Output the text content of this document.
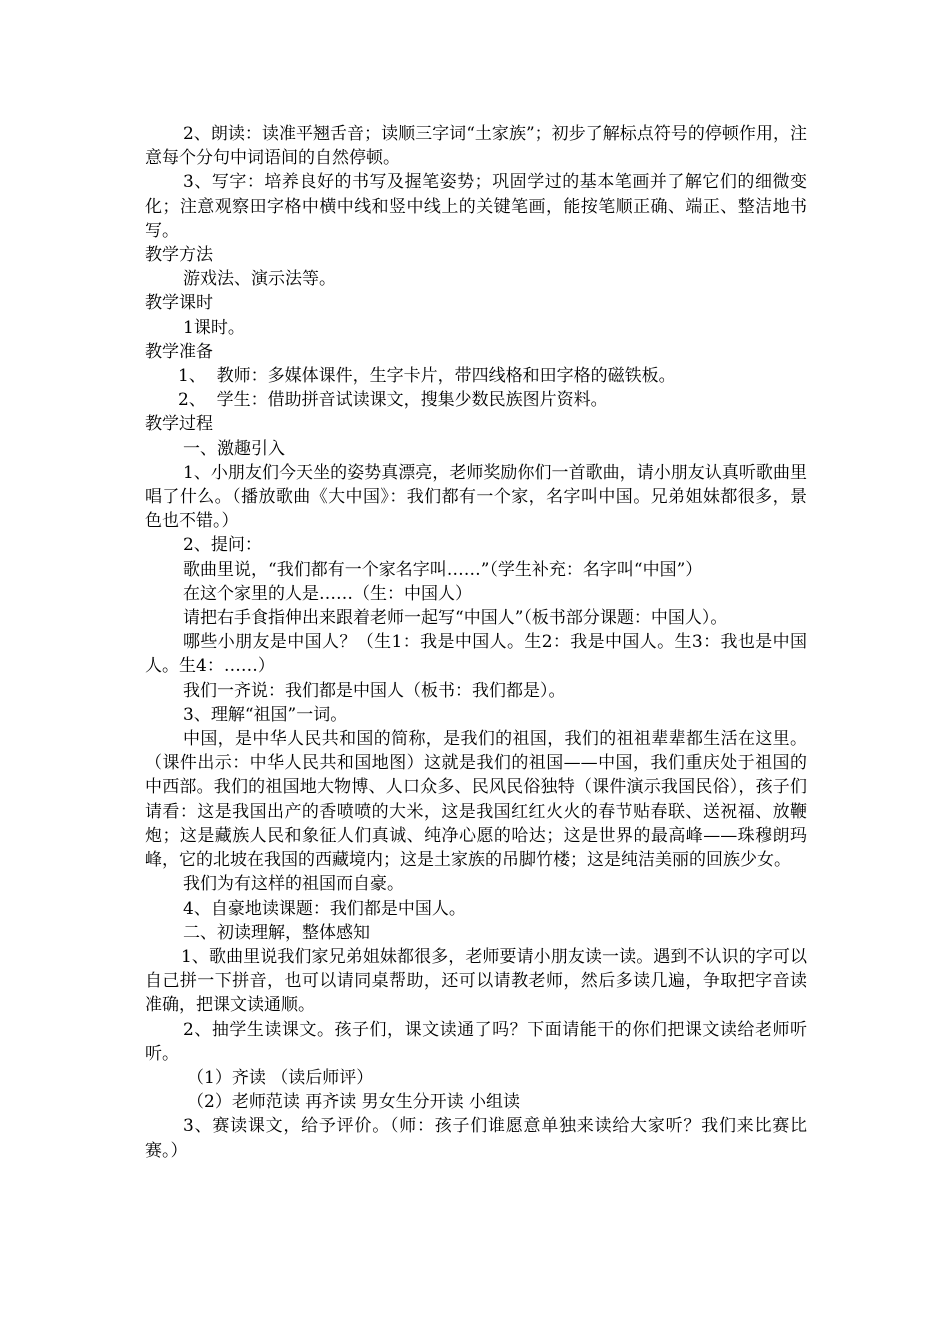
2、朗读：读准平翘舌音；读顺三字词“土家族”；初步了解标点符号的停顿作用，注意每个分句中词语间的自然停顿。

3、写字：培养良好的书写及握笔姿势；巩固学过的基本笔画并了解它们的细微变化；注意观察田字格中横中线和竖中线上的关键笔画，能按笔顺正确、端正、整洁地书写。

教学方法

游戏法、演示法等。

教学课时

1课时。

教学准备

1、  教师：多媒体课件，生字卡片，带四线格和田字格的磁铁板。

2、  学生：借助拼音试读课文，搜集少数民族图片资料。

教学过程

一、激趣引入

1、小朋友们今天坐的姿势真漂亮，老师奖励你们一首歌曲，请小朋友认真听歌曲里唱了什么。（播放歌曲《大中国》：我们都有一个家，名字叫中国。兄弟姐妹都很多，景色也不错。）

2、提问：

歌曲里说，“我们都有一个家名字叫……”（学生补充：名字叫“中国”）

在这个家里的人是……（生：中国人）

请把右手食指伸出来跟着老师一起写“中国人”（板书部分课题：中国人）。

哪些小朋友是中国人？（生1：我是中国人。生2：我是中国人。生3：我也是中国人。生4：……）

我们一齐说：我们都是中国人（板书：我们都是）。

3、理解“祖国”一词。

中国，是中华人民共和国的简称，是我们的祖国，我们的祖祖辈辈都生活在这里。（课件出示：中华人民共和国地图）这就是我们的祖国——中国，我们重庆处于祖国的中西部。我们的祖国地大物博、人口众多、民风民俗独特（课件演示我国民俗），孩子们请看：这是我国出产的香喷喷的大米，这是我国红红火火的春节贴春联、送祝福、放鞭炮；这是藏族人民和象征人们真诚、纯净心愿的哈达；这是世界的最高峰——珠穆朗玛峰，它的北坡在我国的西藏境内；这是土家族的吊脚竹楼；这是纯洁美丽的回族少女。

我们为有这样的祖国而自豪。

4、自豪地读课题：我们都是中国人。

二、初读理解，整体感知

1、歌曲里说我们家兄弟姐妹都很多，老师要请小朋友读一读。遇到不认识的字可以自己拼一下拼音，也可以请同桌帮助，还可以请教老师，然后多读几遍，争取把字音读准确，把课文读通顺。

2、抽学生读课文。孩子们，课文读通了吗？下面请能干的你们把课文读给老师听听。

（1）齐读 （读后师评）

（2）老师范读 再齐读 男女生分开读 小组读

3、赛读课文，给予评价。（师：孩子们谁愿意单独来读给大家听？我们来比赛比赛。）
